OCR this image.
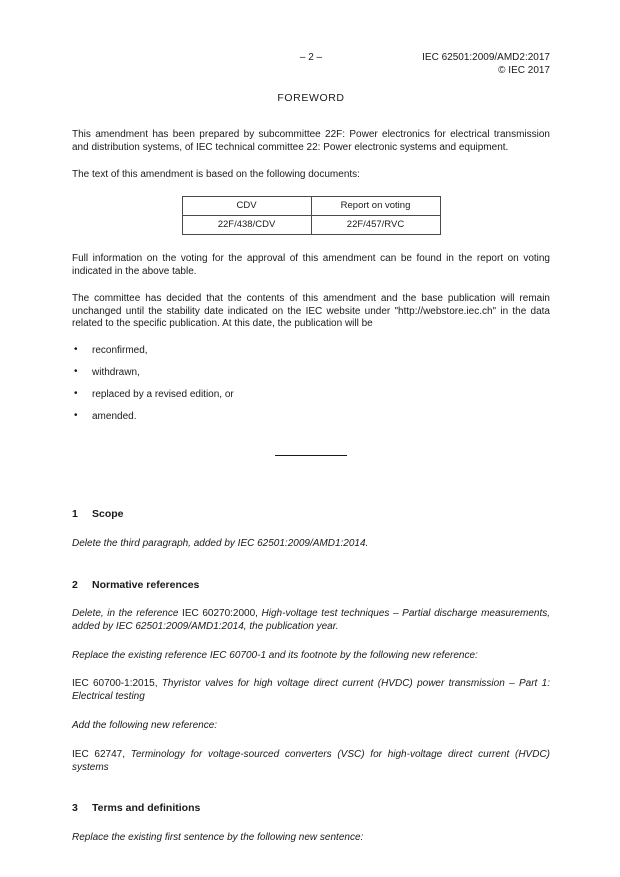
– 2 –	IEC 62501:2009/AMD2:2017
© IEC 2017
FOREWORD

This amendment has been prepared by subcommittee 22F: Power electronics for electrical transmission and distribution systems, of IEC technical committee 22: Power electronic systems and equipment.

The text of this amendment is based on the following documents:

CDV	Report on voting
22F/438/CDV	22F/457/RVC

Full information on the voting for the approval of this amendment can be found in the report on voting indicated in the above table.

The committee has decided that the contents of this amendment and the base publication will remain unchanged until the stability date indicated on the IEC website under "http://webstore.iec.ch" in the data related to the specific publication. At this date, the publication will be

• reconfirmed,
• withdrawn,
• replaced by a revised edition, or
• amended.
1 Scope

Delete the third paragraph, added by IEC 62501:2009/AMD1:2014.

2 Normative references

Delete, in the reference IEC 60270:2000, High-voltage test techniques – Partial discharge measurements, added by IEC 62501:2009/AMD1:2014, the publication year.

Replace the existing reference IEC 60700-1 and its footnote by the following new reference:

IEC 60700-1:2015, Thyristor valves for high voltage direct current (HVDC) power transmission – Part 1: Electrical testing

Add the following new reference:

IEC 62747, Terminology for voltage-sourced converters (VSC) for high-voltage direct current (HVDC) systems

3 Terms and definitions

Replace the existing first sentence by the following new sentence:
